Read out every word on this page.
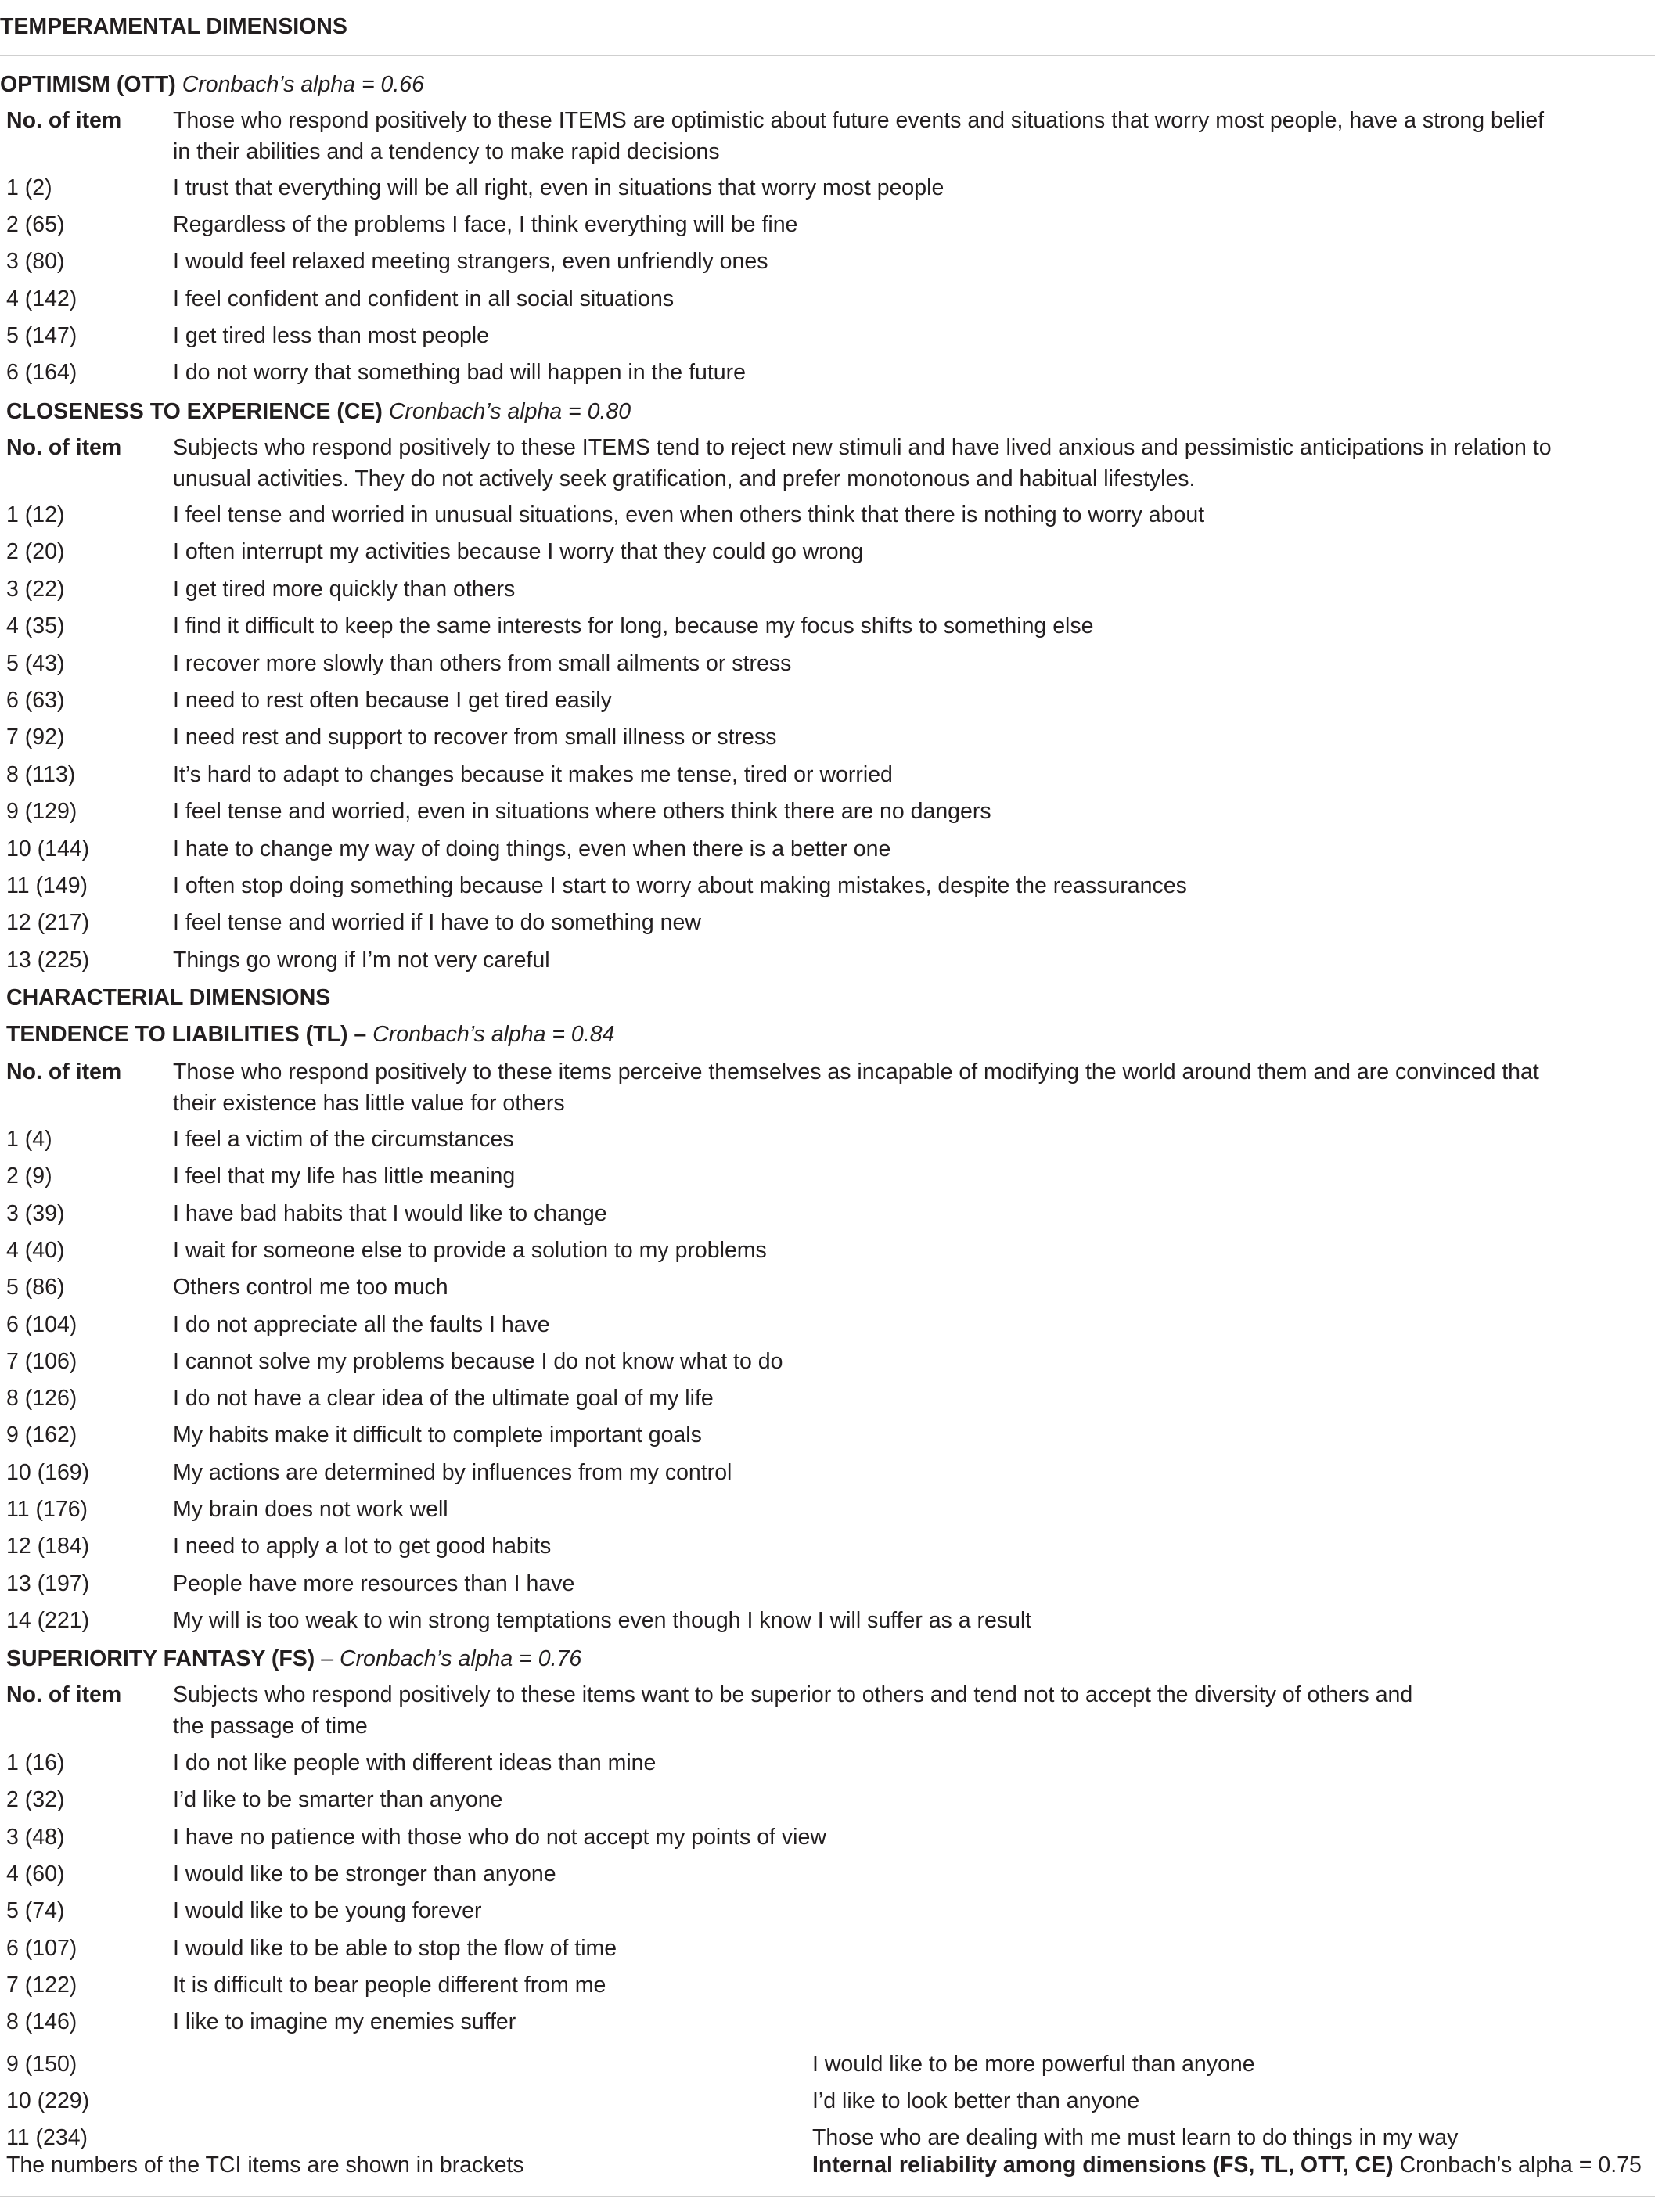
TEMPERAMENTAL DIMENSIONS
OPTIMISM (OTT) Cronbach’s alpha = 0.66
No. of item Those who respond positively to these ITEMS are optimistic about future events and situations that worry most people, have a strong belief
in their abilities and a tendency to make rapid decisions
1 (2)	I trust that everything will be all right, even in situations that worry most people
2 (65)	Regardless of the problems I face, I think everything will be fine
3 (80)	I would feel relaxed meeting strangers, even unfriendly ones
4 (142)	I feel confident and confident in all social situations
5 (147)	I get tired less than most people
6 (164)	I do not worry that something bad will happen in the future
CLOSENESS TO EXPERIENCE (CE) Cronbach’s alpha = 0.80
No. of item Subjects who respond positively to these ITEMS tend to reject new stimuli and have lived anxious and pessimistic anticipations in relation to
unusual activities. They do not actively seek gratification, and prefer monotonous and habitual lifestyles.
1 (12)	I feel tense and worried in unusual situations, even when others think that there is nothing to worry about
2 (20)	I often interrupt my activities because I worry that they could go wrong
3 (22)	I get tired more quickly than others
4 (35)	I find it difficult to keep the same interests for long, because my focus shifts to something else
5 (43)	I recover more slowly than others from small ailments or stress
6 (63)	I need to rest often because I get tired easily
7 (92)	I need rest and support to recover from small illness or stress
8 (113)	It’s hard to adapt to changes because it makes me tense, tired or worried
9 (129)	I feel tense and worried, even in situations where others think there are no dangers
10 (144)	I hate to change my way of doing things, even when there is a better one
11 (149)	I often stop doing something because I start to worry about making mistakes, despite the reassurances
12 (217)	I feel tense and worried if I have to do something new
13 (225)	Things go wrong if I’m not very careful
CHARACTERIAL DIMENSIONS
TENDENCE TO LIABILITIES (TL) – Cronbach’s alpha = 0.84
No. of item Those who respond positively to these items perceive themselves as incapable of modifying the world around them and are convinced that
their existence has little value for others
1 (4)	I feel a victim of the circumstances
2 (9)	I feel that my life has little meaning
3 (39)	I have bad habits that I would like to change
4 (40)	I wait for someone else to provide a solution to my problems
5 (86)	Others control me too much
6 (104)	I do not appreciate all the faults I have
7 (106)	I cannot solve my problems because I do not know what to do
8 (126)	I do not have a clear idea of the ultimate goal of my life
9 (162)	My habits make it difficult to complete important goals
10 (169)	My actions are determined by influences from my control
11 (176)	My brain does not work well
12 (184)	I need to apply a lot to get good habits
13 (197)	People have more resources than I have
14 (221)	My will is too weak to win strong temptations even though I know I will suffer as a result
SUPERIORITY FANTASY (FS) – Cronbach’s alpha = 0.76
No. of item Subjects who respond positively to these items want to be superior to others and tend not to accept the diversity of others and
the passage of time
1 (16)	I do not like people with different ideas than mine
2 (32)	I’d like to be smarter than anyone
3 (48)	I have no patience with those who do not accept my points of view
4 (60)	I would like to be stronger than anyone
5 (74)	I would like to be young forever
6 (107)	I would like to be able to stop the flow of time
7 (122)	It is difficult to bear people different from me
8 (146)	I like to imagine my enemies suffer
9 (150)	I would like to be more powerful than anyone
10 (229)	I’d like to look better than anyone
11 (234)	Those who are dealing with me must learn to do things in my way
The numbers of the TCI items are shown in brackets	Internal reliability among dimensions (FS, TL, OTT, CE) Cronbach’s alpha = 0.75
